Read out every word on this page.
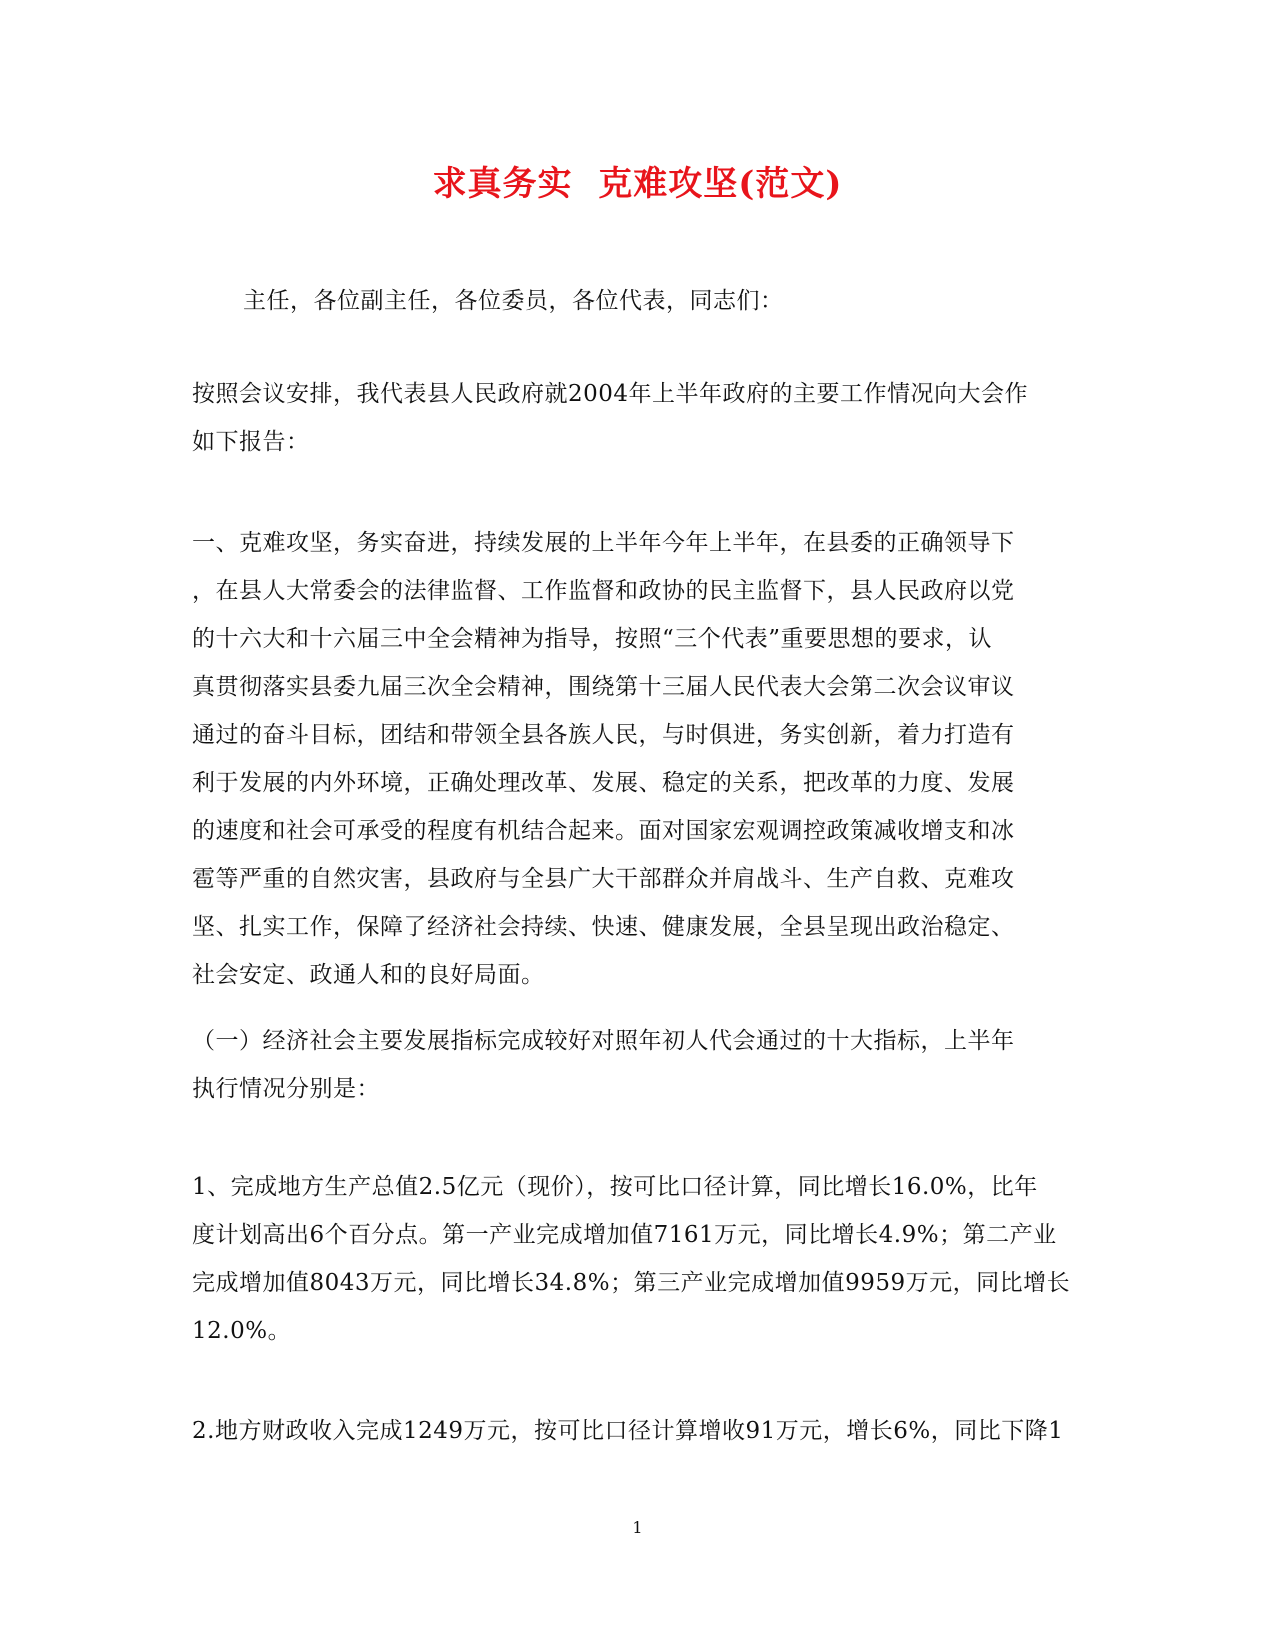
求真务实  克难攻坚(范文)
主任，各位副主任，各位委员，各位代表，同志们：
按照会议安排，我代表县人民政府就2004年上半年政府的主要工作情况向大会作
如下报告：
一、克难攻坚，务实奋进，持续发展的上半年今年上半年，在县委的正确领导下
，在县人大常委会的法律监督、工作监督和政协的民主监督下，县人民政府以党
的十六大和十六届三中全会精神为指导，按照“三个代表”重要思想的要求，认
真贯彻落实县委九届三次全会精神，围绕第十三届人民代表大会第二次会议审议
通过的奋斗目标，团结和带领全县各族人民，与时俱进，务实创新，着力打造有
利于发展的内外环境，正确处理改革、发展、稳定的关系，把改革的力度、发展
的速度和社会可承受的程度有机结合起来。面对国家宏观调控政策减收增支和冰
雹等严重的自然灾害，县政府与全县广大干部群众并肩战斗、生产自救、克难攻
坚、扎实工作，保障了经济社会持续、快速、健康发展，全县呈现出政治稳定、
社会安定、政通人和的良好局面。
（一）经济社会主要发展指标完成较好对照年初人代会通过的十大指标，上半年
执行情况分别是：
1、完成地方生产总值2.5亿元（现价），按可比口径计算，同比增长16.0%，比年
度计划高出6个百分点。第一产业完成增加值7161万元，同比增长4.9%；第二产业
完成增加值8043万元，同比增长34.8%；第三产业完成增加值9959万元，同比增长
12.0%。
2.地方财政收入完成1249万元，按可比口径计算增收91万元，增长6%，同比下降1
1
